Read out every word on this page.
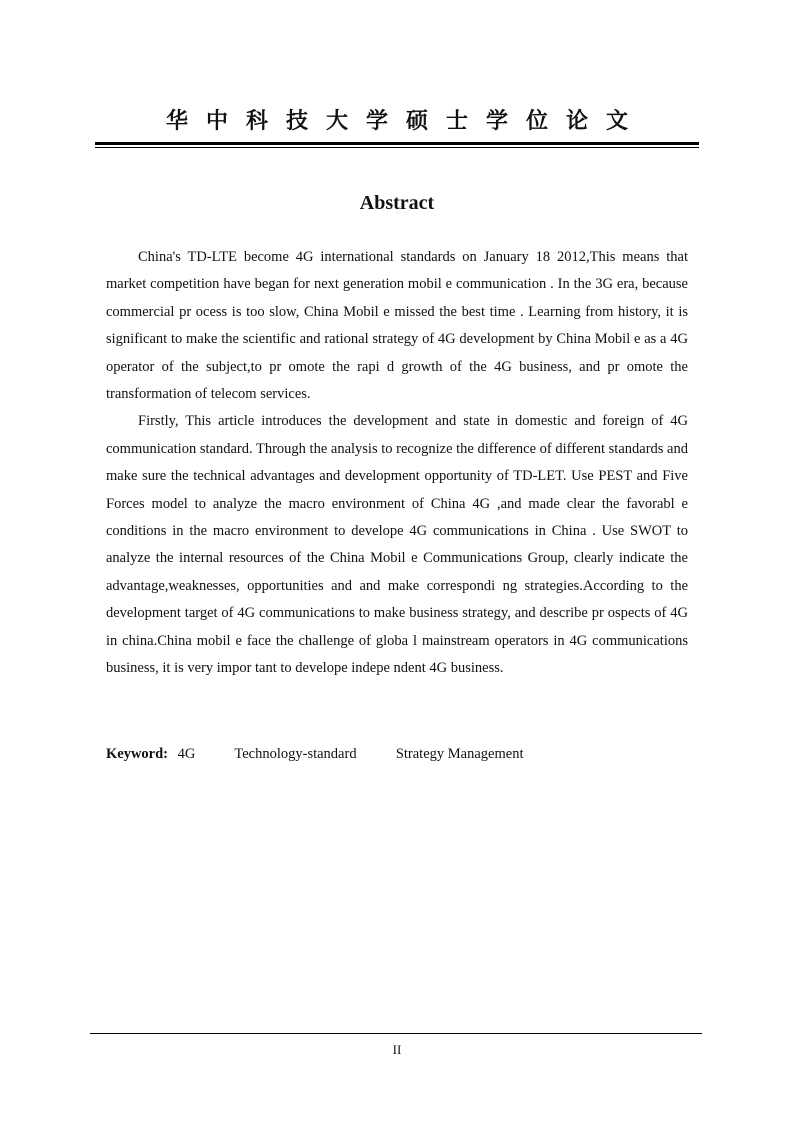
华中科技大学硕士学位论文
Abstract

China's TD-LTE become 4G international standards on January 18 2012,This means that market competition have began for next generation mobil e communication . In the 3G era, because commercial pr ocess is too slow, China Mobil e missed the best time . Learning from history, it is significant to make the scientific and rational strategy of 4G development by China Mobil e as a 4G operator of the subject,to pr omote the rapi d growth of the 4G business, and pr omote the transformation of telecom services.

Firstly, This article introduces the development and state in domestic and foreign of 4G communication standard. Through the analysis to recognize the difference of different standards and make sure the technical advantages and development opportunity of TD-LET. Use PEST and Five Forces model to analyze the macro environment of China 4G ,and made clear the favorabl e conditions in the macro environment to develope 4G communications in China . Use SWOT to analyze the internal resources of the China Mobil e Communications Group, clearly indicate the advantage,weaknesses, opportunities and and make correspondi ng strategies.According to the development target of 4G communications to make business strategy, and describe pr ospects of 4G in china.China mobil e face the challenge of globa l mainstream operators in 4G communications business, it is very impor tant to develope indepe ndent 4G business.

Keyword: 4G	Technology-standard	Strategy Management
II
